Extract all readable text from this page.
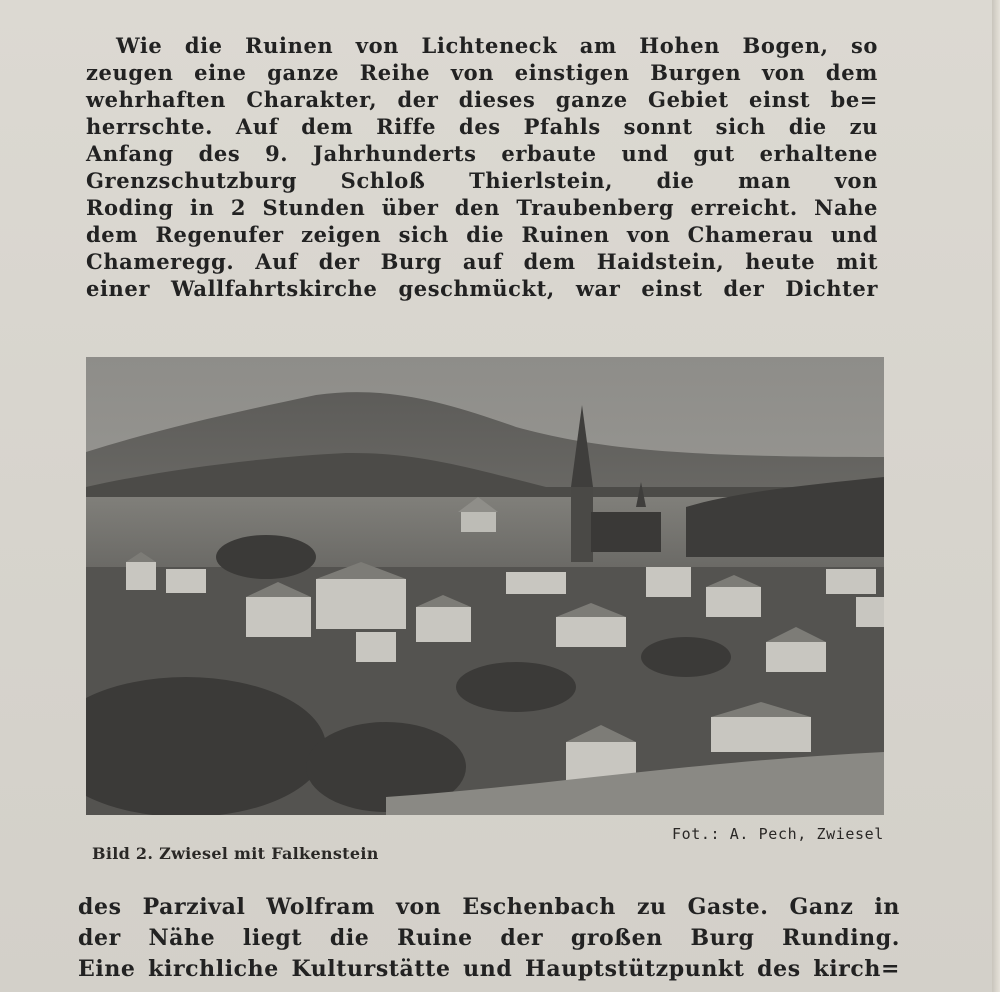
Wie die Ruinen von Lichteneck am Hohen Bogen, so
zeugen eine ganze Reihe von einstigen Burgen von dem
wehrhaften Charakter, der dieses ganze Gebiet einst be=
herrschte. Auf dem Riffe des Pfahls sonnt sich die zu
Anfang des 9. Jahrhunderts erbaute und gut erhaltene
Grenzschutzburg Schloß Thierlstein, die man von
Roding in 2 Stunden über den Traubenberg erreicht. Nahe
dem Regenufer zeigen sich die Ruinen von Chamerau und
Chameregg. Auf der Burg auf dem Haidstein, heute mit
einer Wallfahrtskirche geschmückt, war einst der Dichter
Fot.: A. Pech, Zwiesel
Bild 2. Zwiesel mit Falkenstein
des Parzival Wolfram von Eschenbach zu Gaste. Ganz in
der Nähe liegt die Ruine der großen Burg Runding.
Eine kirchliche Kulturstätte und Hauptstützpunkt des kirch=
